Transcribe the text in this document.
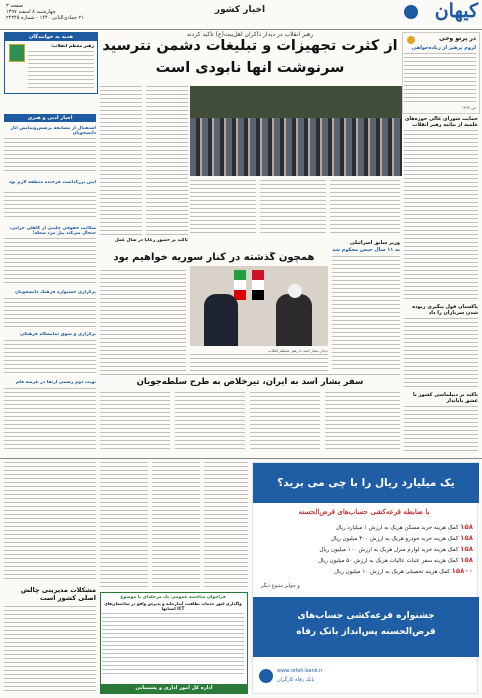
صفحه ۳
چهارشنبه ۸ اسفند ۱۳۹۷
۲۱ جمادی‌الثانی ۱۴۴۰ - شماره ۲۲۲۴۵
اخبار کشور	کیهان
رهبر انقلاب در دیدار ذاکران اهل‌بیت(ع) تأکید کردند
از کثرت تجهیزات و تبلیغات دشمن نترسید
سرنوشت آنها نابودی است
در پرتو وحی
لزوم پرهیز از زیاده‌خواهی
ص ۱۳۹۷
حمایت شورای عالی حوزه‌های علمیه از بیانیه رهبر انقلاب
پاکستان قول پیگیری ربوده شدن سربازان را داد
تأکید بر دیپلماسی کشور با عشق پایاندار
هدیه به خوانندگان
رهبر معظم انقلاب:
اخبار ادبی و هنری
استقبال از مسابقه پرسش‌ونمایش آثار دانشجویان
آیین بزرگداشت فرخنده منطقه لازم بود
شکایت حقوقی جلیبی از کاهلی جزایی، جنجال می‌کند پیل مرد شعله!
برگزاری جشنواره فرهنگ دانشجویان
برگزاری و شوق نمایشگاه فرهنگی
نوبت دوم رسمی ارتقا در عرصه قلم
تأکید بر حضور رعایا در سال عمل	وزیر سابق اسرائیلی
به ۱۱ سال حبس محکوم شد
همچون گذشته در کنار سوریه خواهیم بود
دیدار بشار اسد با رهبر معظم انقلاب
سفر بشار اسد به ایران، تیرخلاص به طرح سلطه‌جویان
مشکلات مدیریتی چالش اصلی کشور است	فراخوان مناقصه عمومی یک مرحله‌ای با موضوع
واگذاری امور خدمات نظافت، آبدارخانه و پذیرش واقع در ساختمان‌های ICT استانها
اداره کل امور اداری و پشتیبانی
یک میلیارد ریال را با چی می برید؟
با ضابطه قرعه‌کشی حساب‌های قرض‌الحسنه
۱۵۸ کمک هزینه خرید مسکن هریک به ارزش ۱ میلیارد ریال
۱۵۸ کمک هزینه خرید خودرو هریک به ارزش ۳۰۰ میلیون ریال
۱۵۸ کمک هزینه خرید لوازم منزل هریک به ارزش ۱۰۰ میلیون ریال
۱۵۸ کمک هزینه سفر عتبات عالیات هریک به ارزش ۵۰ میلیون ریال
۱۵۸۰۰ کمک هزینه تحصیلی هریک به ارزش ۱۰ میلیون ریال
و جوایز متنوع دیگر
جشنواره قرعه‌کشی حساب‌های
قرض‌الحسنه پس‌انداز بانک رفاه
www.refah-bank.ir
بانک رفاه کارگران
